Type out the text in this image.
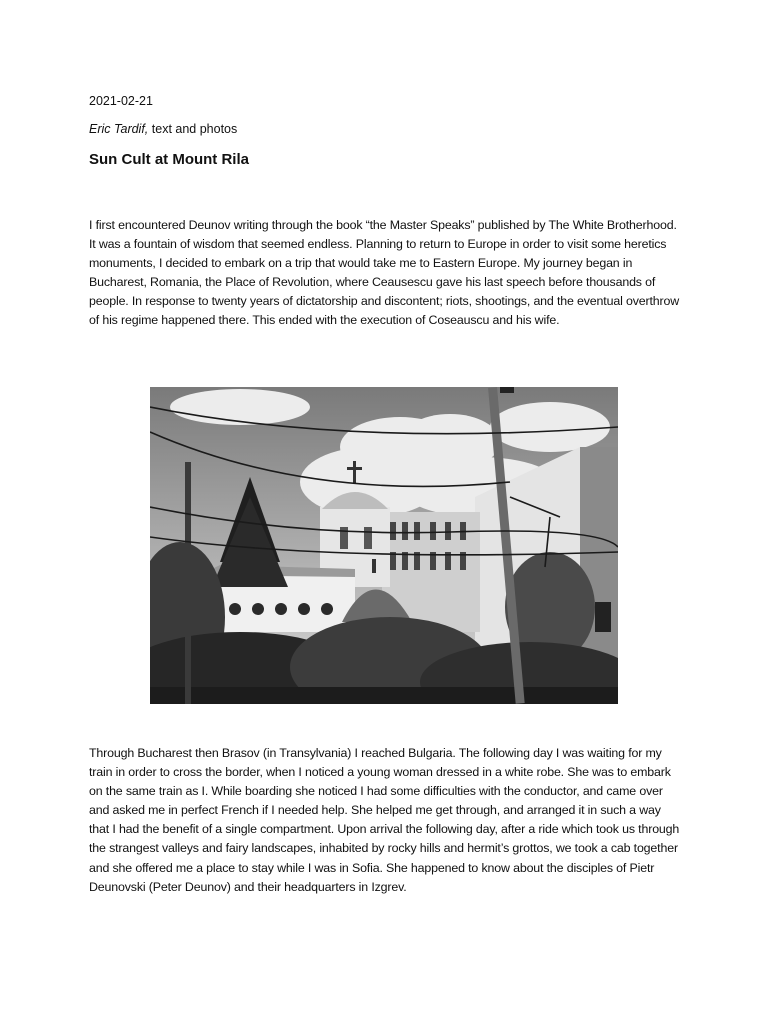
2021-02-21
Eric Tardif, text and photos
Sun Cult at Mount Rila

I first encountered Deunov writing through the book “the Master Speaks” published by The White Brotherhood. It was a fountain of wisdom that seemed endless. Planning to return to Europe in order to visit some heretics monuments, I decided to embark on a trip that would take me to Eastern Europe. My journey began in Bucharest, Romania, the Place of Revolution, where Ceausescu gave his last speech before thousands of people. In response to twenty years of dictatorship and discontent; riots, shootings, and the eventual overthrow of his regime happened there. This ended with the execution of Coseauscu and his wife.

Through Bucharest then Brasov (in Transylvania) I reached Bulgaria. The following day I was waiting for my train in order to cross the border, when I noticed a young woman dressed in a white robe. She was to embark on the same train as I. While boarding she noticed I had some difficulties with the conductor, and came over and asked me in perfect French if I needed help. She helped me get through, and arranged it in such a way that I had the benefit of a single compartment. Upon arrival the following day, after a ride which took us through the strangest valleys and fairy landscapes, inhabited by rocky hills and hermit’s grottos, we took a cab together and she offered me a place to stay while I was in Sofia. She happened to know about the disciples of Pietr Deunovski (Peter Deunov) and their headquarters in Izgrev.
